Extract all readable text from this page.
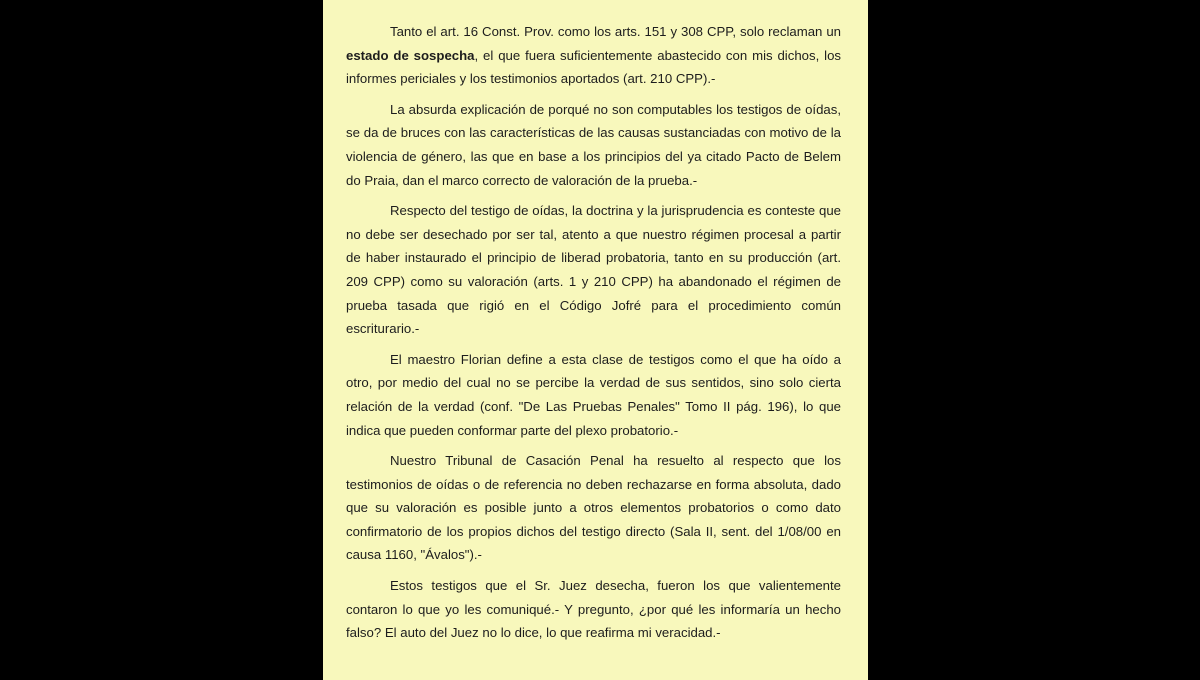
Tanto el art. 16 Const. Prov. como los arts. 151 y 308 CPP, solo reclaman un estado de sospecha, el que fuera suficientemente abastecido con mis dichos, los informes periciales y los testimonios aportados (art. 210 CPP).-

La absurda explicación de porqué no son computables los testigos de oídas, se da de bruces con las características de las causas sustanciadas con motivo de la violencia de género, las que en base a los principios del ya citado Pacto de Belem do Praia, dan el marco correcto de valoración de la prueba.-

Respecto del testigo de oídas, la doctrina y la jurisprudencia es conteste que no debe ser desechado por ser tal, atento a que nuestro régimen procesal a partir de haber instaurado el principio de liberad probatoria, tanto en su producción (art. 209 CPP) como su valoración (arts. 1 y 210 CPP) ha abandonado el régimen de prueba tasada que rigió en el Código Jofré para el procedimiento común escriturario.-

El maestro Florian define a esta clase de testigos como el que ha oído a otro, por medio del cual no se percibe la verdad de sus sentidos, sino solo cierta relación de la verdad (conf. "De Las Pruebas Penales" Tomo II pág. 196), lo que indica que pueden conformar parte del plexo probatorio.-

Nuestro Tribunal de Casación Penal ha resuelto al respecto que los testimonios de oídas o de referencia no deben rechazarse en forma absoluta, dado que su valoración es posible junto a otros elementos probatorios o como dato confirmatorio de los propios dichos del testigo directo (Sala II, sent. del 1/08/00 en causa 1160, "Ávalos").-

Estos testigos que el Sr. Juez desecha, fueron los que valientemente contaron lo que yo les comuniqué.- Y pregunto, ¿por qué les informaría un hecho falso? El auto del Juez no lo dice, lo que reafirma mi veracidad.-
